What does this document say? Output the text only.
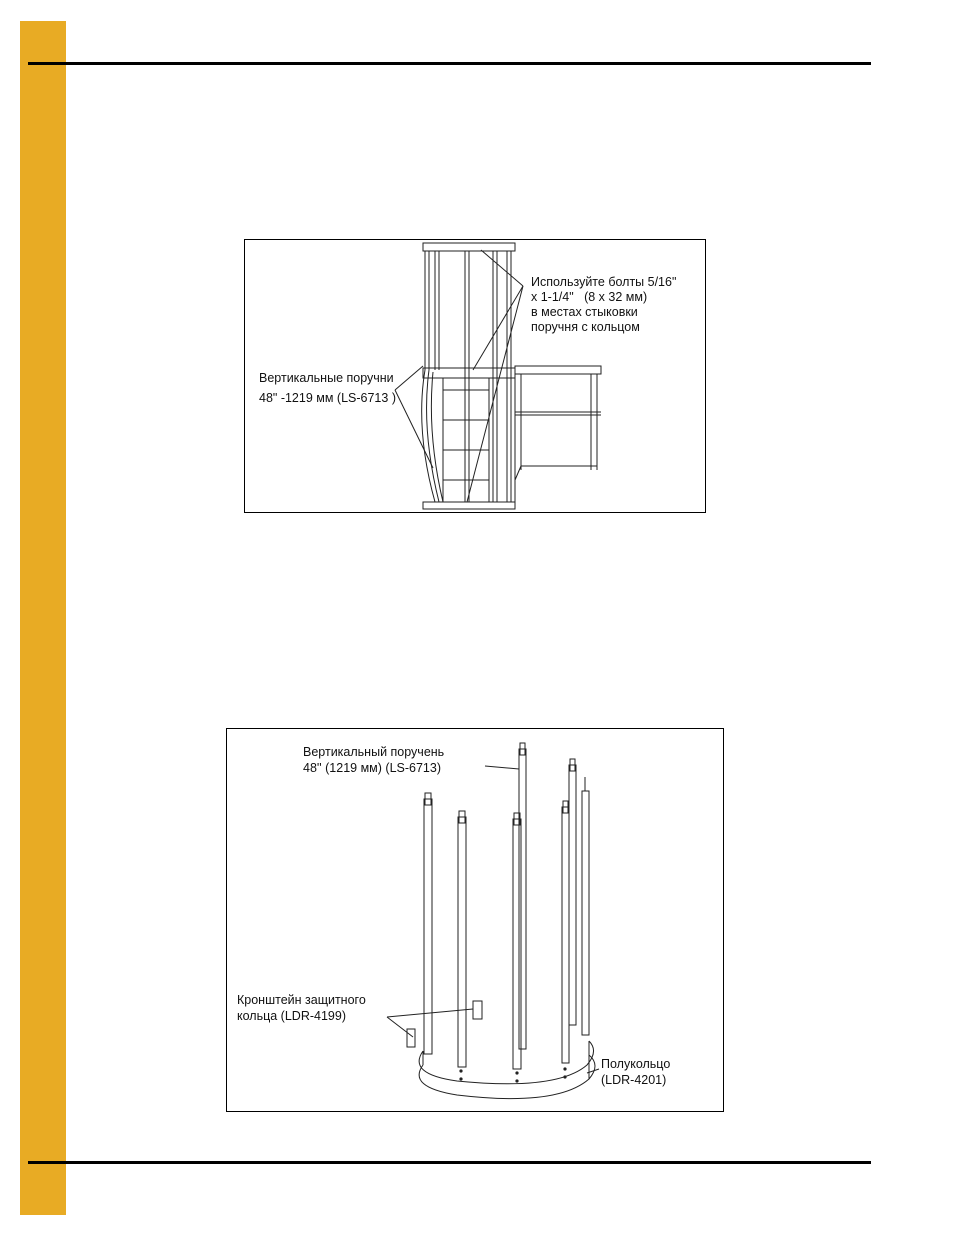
Используйте болты 5/16"
x 1-1/4"   (8 x 32 мм)
в местах стыковки
поручня с кольцом
Вертикальные поручни
48" -1219 мм (LS-6713 )
Вертикальный поручень
48'' (1219 мм) (LS-6713)
Кронштейн защитного
кольца (LDR-4199)
Полукольцо
(LDR-4201)
